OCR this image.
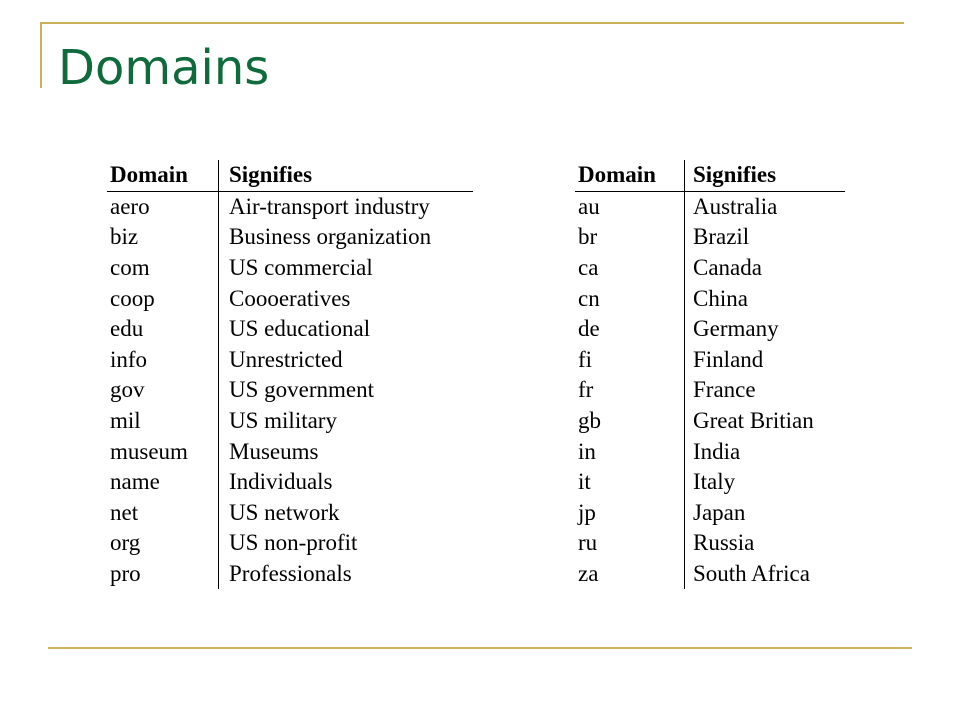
Domains
Domain	Signifies
aero	Air-transport industry
biz	Business organization
com	US commercial
coop	Coooeratives
edu	US educational
info	Unrestricted
gov	US government
mil	US military
museum	Museums
name	Individuals
net	US network
org	US non-profit
pro	Professionals
Domain	Signifies
au	Australia
br	Brazil
ca	Canada
cn	China
de	Germany
fi	Finland
fr	France
gb	Great Britian
in	India
it	Italy
jp	Japan
ru	Russia
za	South Africa
